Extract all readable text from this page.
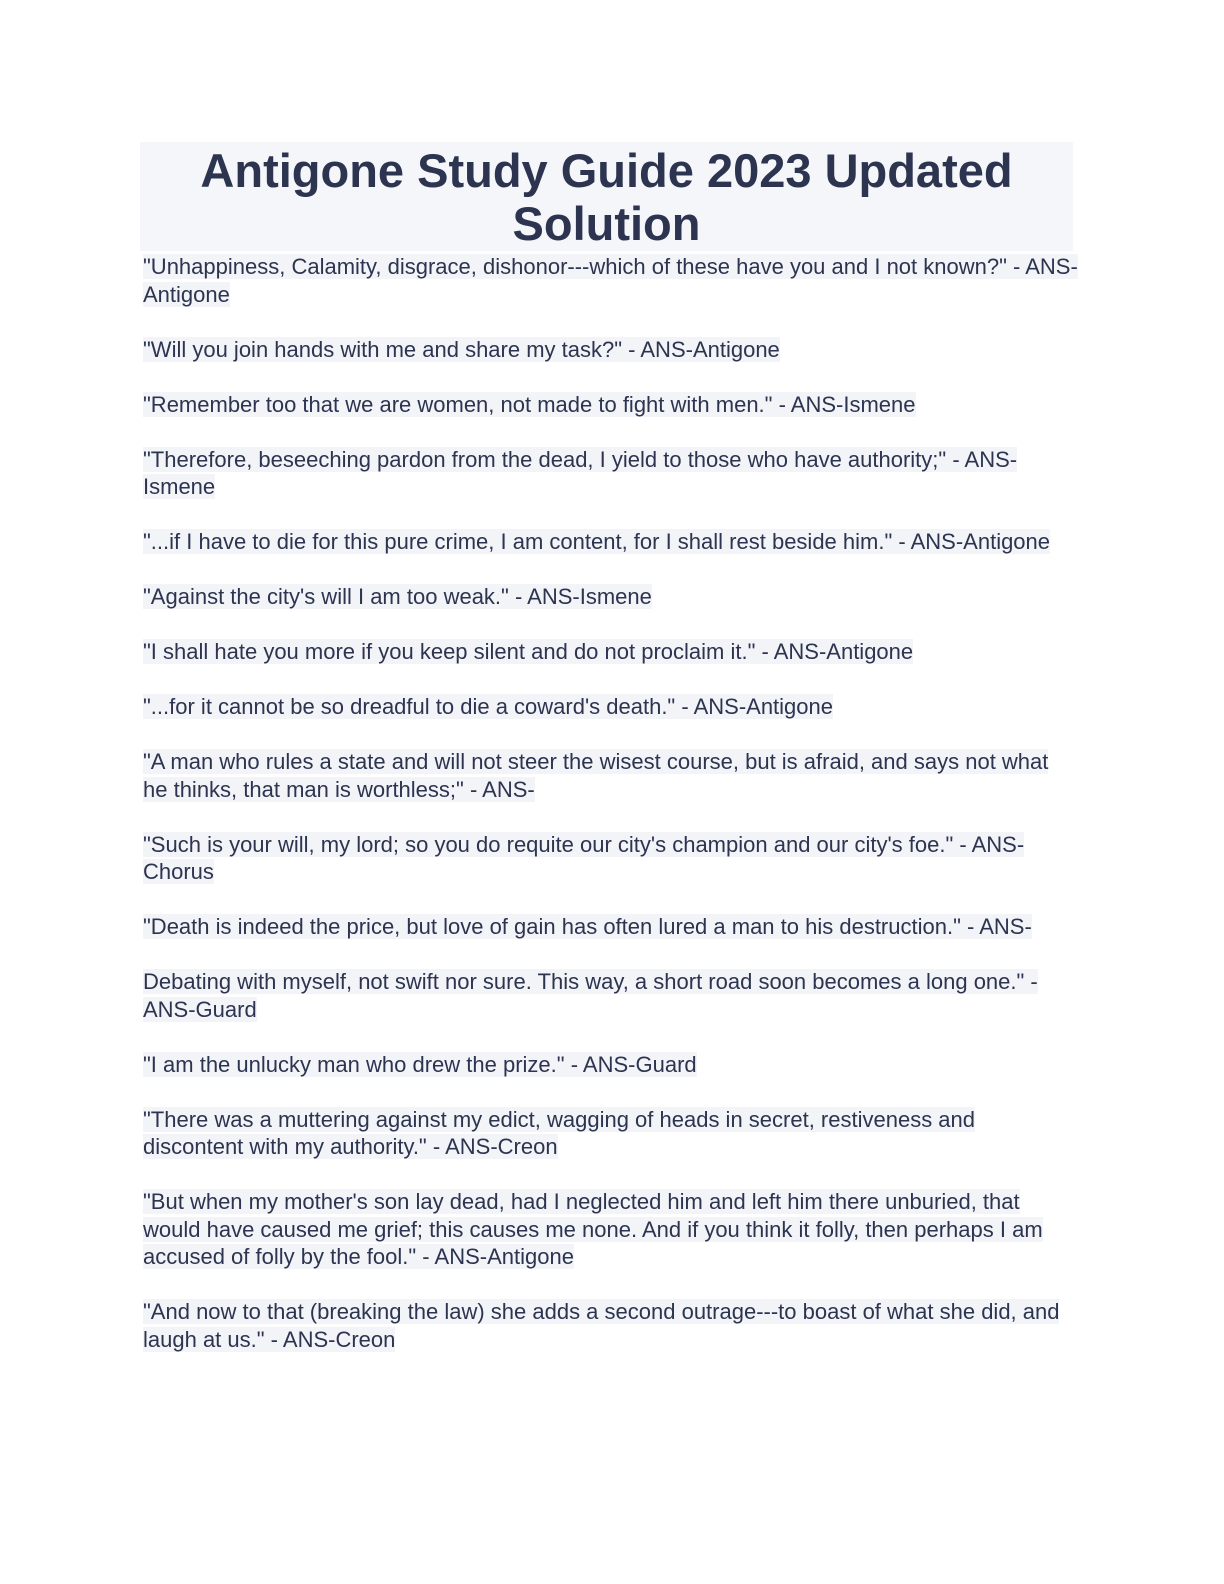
Antigone Study Guide 2023 Updated Solution
"Unhappiness, Calamity, disgrace, dishonor---which of these have you and I not known?" - ANS-Antigone
"Will you join hands with me and share my task?" - ANS-Antigone
"Remember too that we are women, not made to fight with men." - ANS-Ismene
"Therefore, beseeching pardon from the dead, I yield to those who have authority;" - ANS-Ismene
"...if I have to die for this pure crime, I am content, for I shall rest beside him." - ANS-Antigone
"Against the city's will I am too weak." - ANS-Ismene
"I shall hate you more if you keep silent and do not proclaim it." - ANS-Antigone
"...for it cannot be so dreadful to die a coward's death." - ANS-Antigone
"A man who rules a state and will not steer the wisest course, but is afraid, and says not what he thinks, that man is worthless;" - ANS-
"Such is your will, my lord; so you do requite our city's champion and our city's foe." - ANS-Chorus
"Death is indeed the price, but love of gain has often lured a man to his destruction." - ANS-
Debating with myself, not swift nor sure. This way, a short road soon becomes a long one." - ANS-Guard
"I am the unlucky man who drew the prize." - ANS-Guard
"There was a muttering against my edict, wagging of heads in secret, restiveness and discontent with my authority." - ANS-Creon
"But when my mother's son lay dead, had I neglected him and left him there unburied, that would have caused me grief; this causes me none. And if you think it folly, then perhaps I am accused of folly by the fool." - ANS-Antigone
"And now to that (breaking the law) she adds a second outrage---to boast of what she did, and laugh at us." - ANS-Creon
